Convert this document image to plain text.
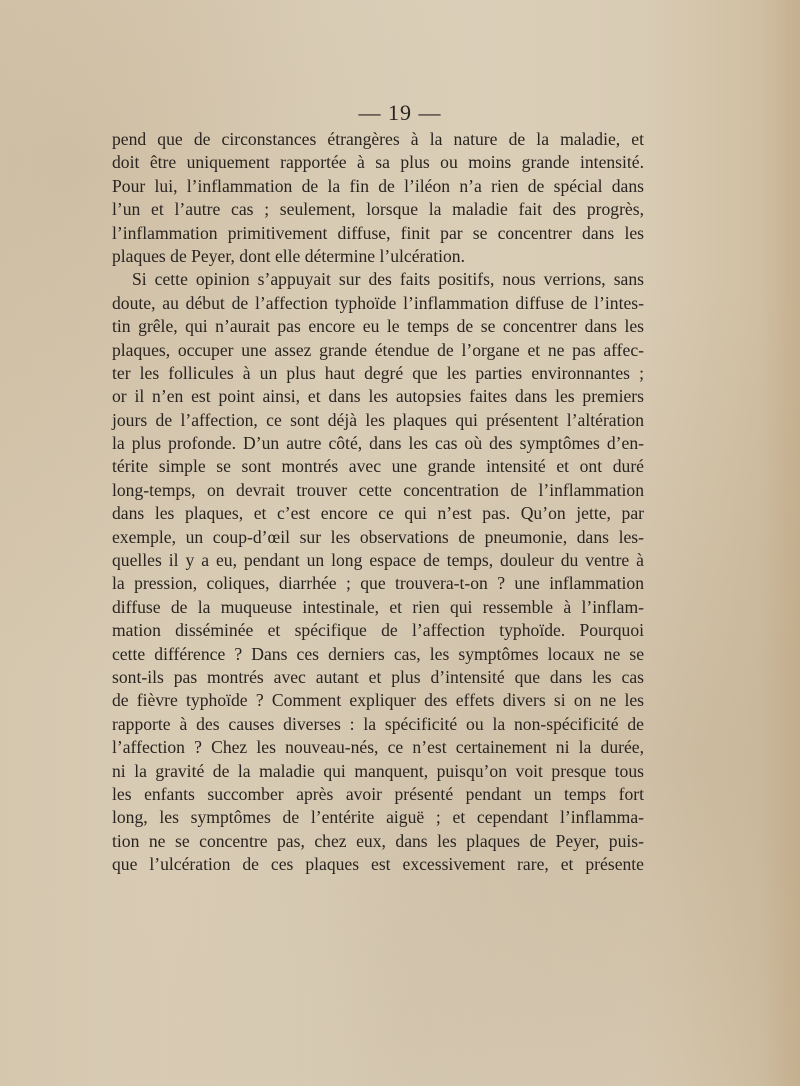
— 19 —
pend que de circonstances étrangères à la nature de la maladie, et
doit être uniquement rapportée à sa plus ou moins grande intensité.
Pour lui, l’inflammation de la fin de l’iléon n’a rien de spécial dans
l’un et l’autre cas ; seulement, lorsque la maladie fait des progrès,
l’inflammation primitivement diffuse, finit par se concentrer dans les
plaques de Peyer, dont elle détermine l’ulcération.
Si cette opinion s’appuyait sur des faits positifs, nous verrions, sans
doute, au début de l’affection typhoïde l’inflammation diffuse de l’intes-
tin grêle, qui n’aurait pas encore eu le temps de se concentrer dans les
plaques, occuper une assez grande étendue de l’organe et ne pas affec-
ter les follicules à un plus haut degré que les parties environnantes ;
or il n’en est point ainsi, et dans les autopsies faites dans les premiers
jours de l’affection, ce sont déjà les plaques qui présentent l’altération
la plus profonde. D’un autre côté, dans les cas où des symptômes d’en-
térite simple se sont montrés avec une grande intensité et ont duré
long-temps, on devrait trouver cette concentration de l’inflammation
dans les plaques, et c’est encore ce qui n’est pas. Qu’on jette, par
exemple, un coup-d’œil sur les observations de pneumonie, dans les-
quelles il y a eu, pendant un long espace de temps, douleur du ventre à
la pression, coliques, diarrhée ; que trouvera-t-on ? une inflammation
diffuse de la muqueuse intestinale, et rien qui ressemble à l’inflam-
mation disséminée et spécifique de l’affection typhoïde. Pourquoi
cette différence ? Dans ces derniers cas, les symptômes locaux ne se
sont-ils pas montrés avec autant et plus d’intensité que dans les cas
de fièvre typhoïde ? Comment expliquer des effets divers si on ne les
rapporte à des causes diverses : la spécificité ou la non-spécificité de
l’affection ? Chez les nouveau-nés, ce n’est certainement ni la durée,
ni la gravité de la maladie qui manquent, puisqu’on voit presque tous
les enfants succomber après avoir présenté pendant un temps fort
long, les symptômes de l’entérite aiguë ; et cependant l’inflamma-
tion ne se concentre pas, chez eux, dans les plaques de Peyer, puis-
que l’ulcération de ces plaques est excessivement rare, et présente
